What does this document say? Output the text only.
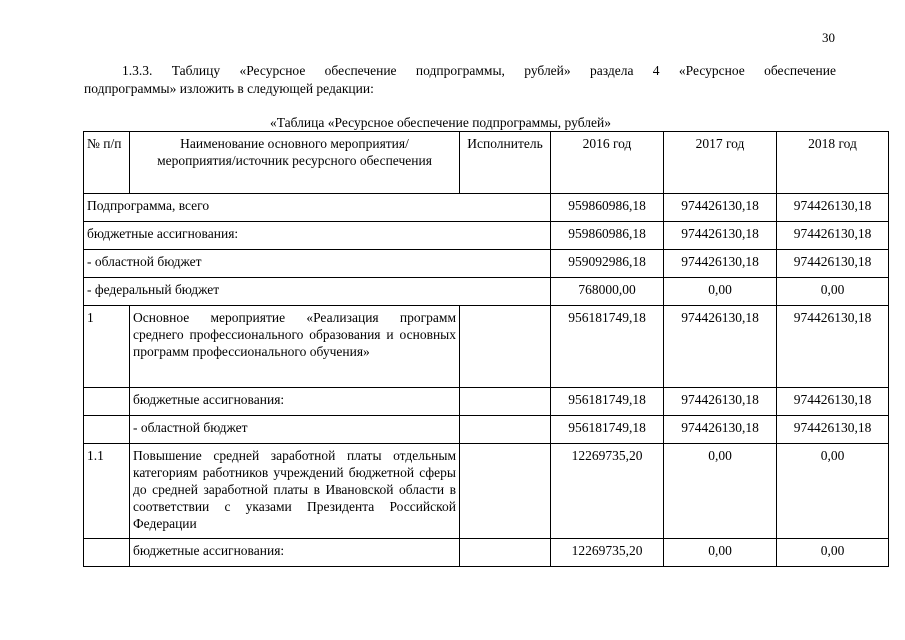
30
1.3.3. Таблицу «Ресурсное обеспечение подпрограммы, рублей» раздела 4 «Ресурсное обеспечение
подпрограммы» изложить в следующей редакции:
«Таблица «Ресурсное обеспечение подпрограммы, рублей»
№ п/п	Наименование основного мероприятия/мероприятия/источник ресурсного обеспечения	Исполнитель	2016 год	2017 год	2018 год
Подпрограмма, всего			959860986,18	974426130,18	974426130,18
бюджетные ассигнования:			959860986,18	974426130,18	974426130,18
- областной бюджет			959092986,18	974426130,18	974426130,18
- федеральный бюджет			768000,00	0,00	0,00
1	Основное мероприятие «Реализация программ среднего профессионального образования и основных программ профессионального обучения»		956181749,18	974426130,18	974426130,18
	бюджетные ассигнования:		956181749,18	974426130,18	974426130,18
	- областной бюджет		956181749,18	974426130,18	974426130,18
1.1	Повышение средней заработной платы отдельным категориям работников учреждений бюджетной сферы до средней заработной платы в Ивановской области в соответствии с указами Президента Российской Федерации		12269735,20	0,00	0,00
	бюджетные ассигнования:		12269735,20	0,00	0,00
